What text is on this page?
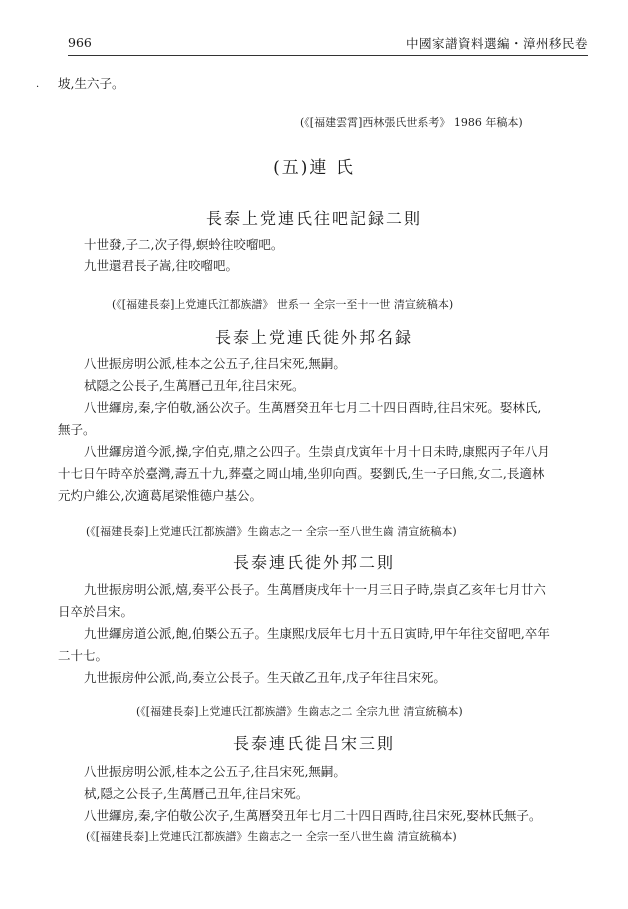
966	中國家譜資料選編・漳州移民卷
· 坡,生六子。
(《[福建雲霄]西林張氏世系考》 1986 年稿本)
(五)連 氏
長泰上党連氏往吧記録二則
十世發,子二,次子得,螟蛉往咬𠺕吧。
九世還君長子嵩,往咬𠺕吧。
(《[福建長泰]上党連氏江都族譜》 世系一 全宗一至十一世 清宣統稿本)
長泰上党連氏徙外邦名録
八世振房明公派,桂本之公五子,往吕宋死,無嗣。
栻隠之公長子,生萬曆己丑年,往吕宋死。
八世纙房,秦,字伯敬,涵公次子。生萬曆癸丑年七月二十四日酉時,往吕宋死。娶林氏,
無子。
八世纙房道今派,操,字伯克,鼎之公四子。生崇貞戊寅年十月十日未時,康熙丙子年八月
十七日午時卒於臺灣,壽五十九,葬臺之岡山埔,坐卯向酉。娶劉氏,生一子曰熊,女二,長適林
元灼户維公,次適葛尾梁惟德户基公。
(《[福建長泰]上党連氏江都族譜》生齒志之一 全宗一至八世生齒 清宣統稿本)
長泰連氏徙外邦二則
九世振房明公派,熺,奏平公長子。生萬曆庚戌年十一月三日子時,崇貞乙亥年七月廿六
日卒於吕宋。
九世纙房道公派,飽,伯槩公五子。生康熙戊辰年七月十五日寅時,甲午年往交留吧,卒年
二十七。
九世振房仲公派,尚,奏立公長子。生天啟乙丑年,戊子年往吕宋死。
(《[福建長泰]上党連氏江都族譜》生齒志之二 全宗九世 清宣統稿本)
長泰連氏徙吕宋三則
八世振房明公派,桂本之公五子,往吕宋死,無嗣。
栻,隠之公長子,生萬曆己丑年,往吕宋死。
八世纙房,秦,字伯敬公次子,生萬曆癸丑年七月二十四日酉時,往吕宋死,娶林氏無子。
(《[福建長泰]上党連氏江都族譜》生齒志之一 全宗一至八世生齒 清宣統稿本)
